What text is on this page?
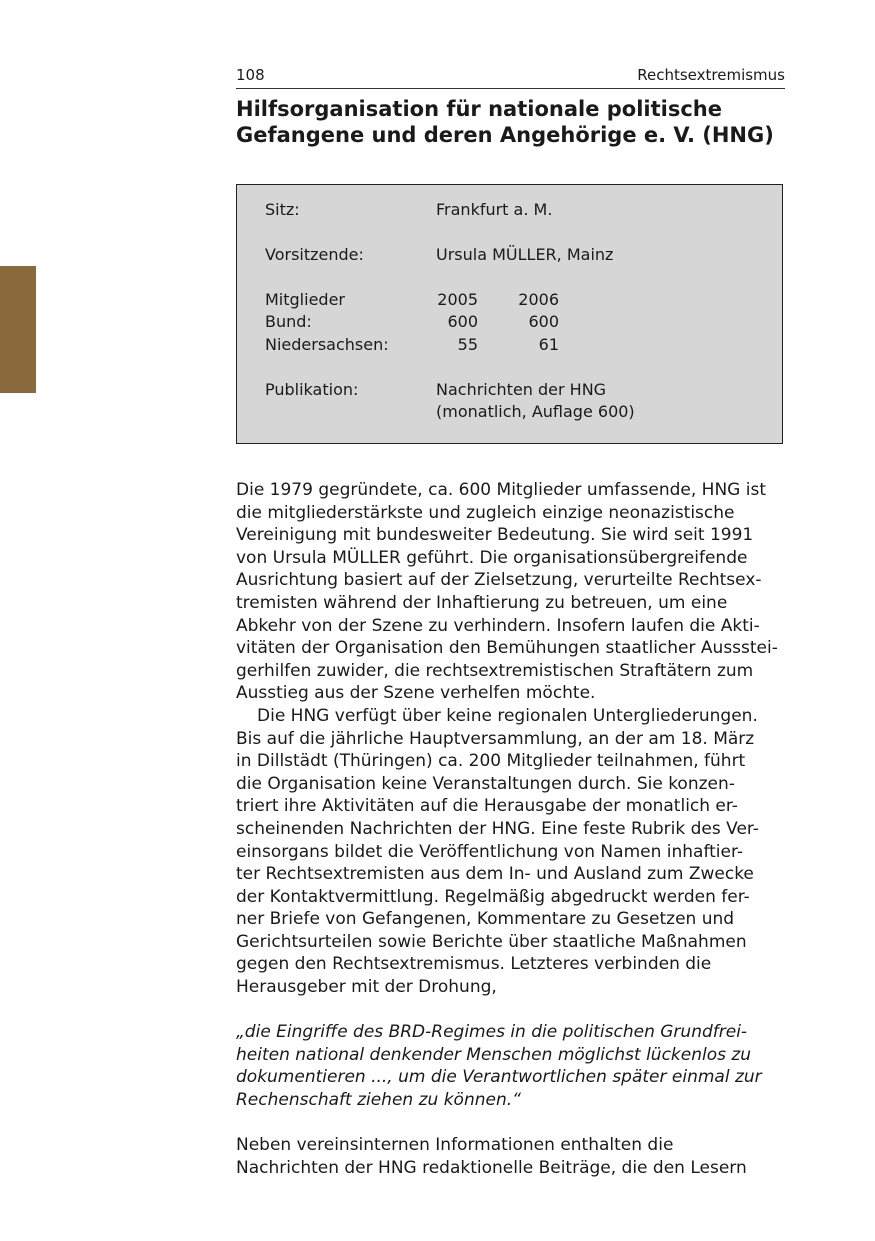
108	Rechtsextremismus
Hilfsorganisation für nationale politische
Gefangene und deren Angehörige e. V. (HNG)
Sitz:	Frankfurt a. M.
Vorsitzende:	Ursula MÜLLER, Mainz
Mitglieder	2005	2006
Bund:	600	600
Niedersachsen:	55	61
Publikation:	Nachrichten der HNG
(monatlich, Auflage 600)
Die 1979 gegründete, ca. 600 Mitglieder umfassende, HNG ist
die mitgliederstärkste und zugleich einzige neonazistische
Vereinigung mit bundesweiter Bedeutung. Sie wird seit 1991
von Ursula MÜLLER geführt. Die organisationsübergreifende
Ausrichtung basiert auf der Zielsetzung, verurteilte Rechtsex-
tremisten während der Inhaftierung zu betreuen, um eine
Abkehr von der Szene zu verhindern. Insofern laufen die Akti-
vitäten der Organisation den Bemühungen staatlicher Aussstei-
gerhilfen zuwider, die rechtsextremistischen Straftätern zum
Ausstieg aus der Szene verhelfen möchte.
Die HNG verfügt über keine regionalen Untergliederungen.
Bis auf die jährliche Hauptversammlung, an der am 18. März
in Dillstädt (Thüringen) ca. 200 Mitglieder teilnahmen, führt
die Organisation keine Veranstaltungen durch. Sie konzen-
triert ihre Aktivitäten auf die Herausgabe der monatlich er-
scheinenden Nachrichten der HNG. Eine feste Rubrik des Ver-
einsorgans bildet die Veröffentlichung von Namen inhaftier-
ter Rechtsextremisten aus dem In- und Ausland zum Zwecke
der Kontaktvermittlung. Regelmäßig abgedruckt werden fer-
ner Briefe von Gefangenen, Kommentare zu Gesetzen und
Gerichtsurteilen sowie Berichte über staatliche Maßnahmen
gegen den Rechtsextremismus. Letzteres verbinden die
Herausgeber mit der Drohung,
„die Eingriffe des BRD-Regimes in die politischen Grundfrei-
heiten national denkender Menschen möglichst lückenlos zu
dokumentieren ..., um die Verantwortlichen später einmal zur
Rechenschaft ziehen zu können.“
Neben vereinsinternen Informationen enthalten die
Nachrichten der HNG redaktionelle Beiträge, die den Lesern
